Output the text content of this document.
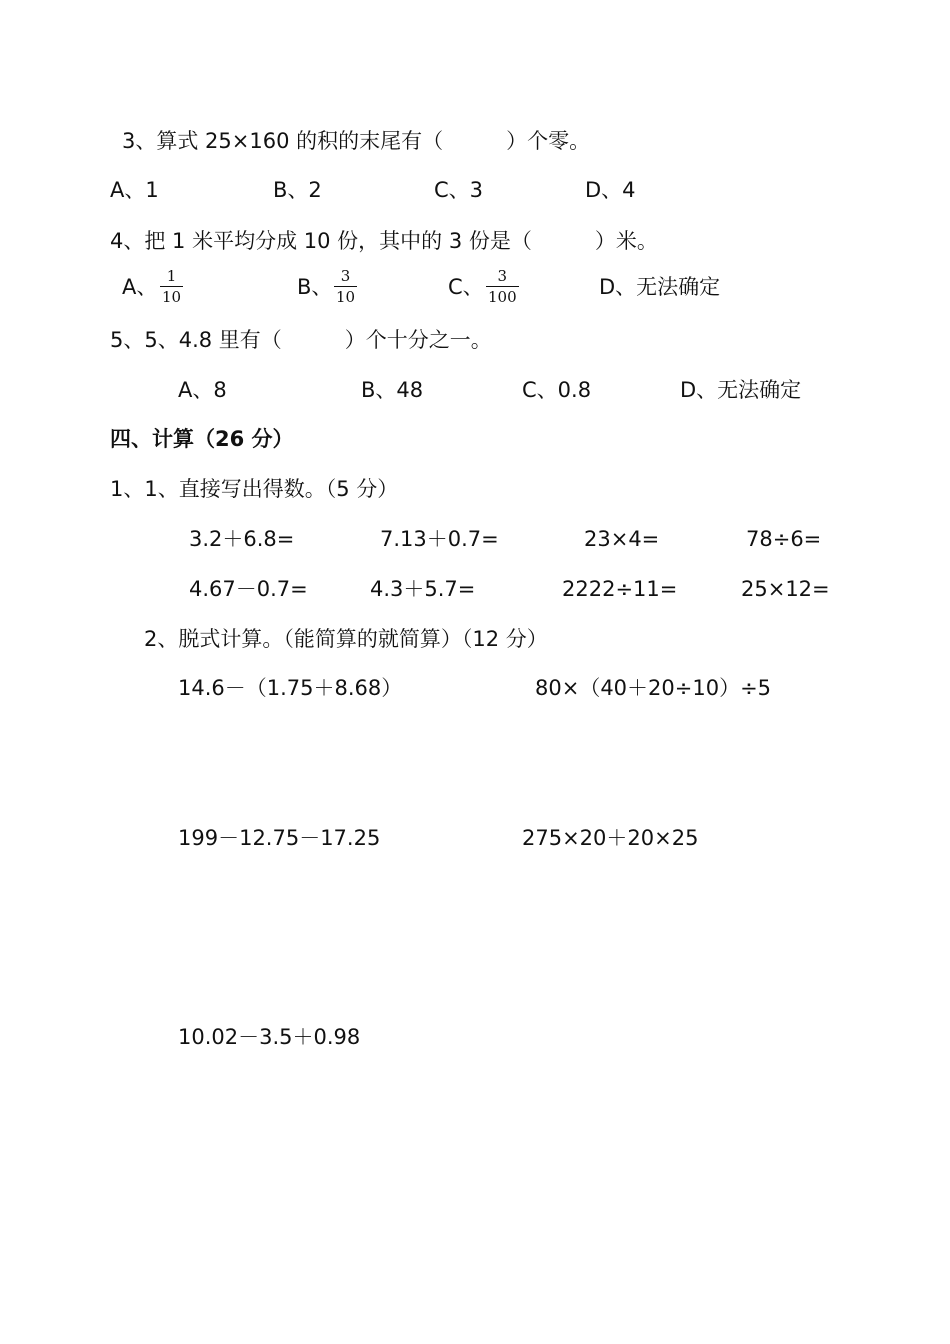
3、算式 25×160 的积的末尾有（　　　）个零。
A、1	B、2	C、3	D、4
4、把 1 米平均分成 10 份，其中的 3 份是（　　　）米。
A、 1
10	B、 3
10	C、 3
100	D、无法确定
5、5、4.8 里有（　　　）个十分之一。
A、8	B、48	C、0.8	D、无法确定
四、计算（26 分）
1、1、直接写出得数。（5 分）
3.2＋6.8=	7.13＋0.7=	23×4=	78÷6=
4.67－0.7=	4.3＋5.7=	2222÷11=	25×12=
2、脱式计算。（能简算的就简算）（12 分）
14.6－（1.75＋8.68）	80×（40＋20÷10）÷5
199－12.75－17.25	275×20＋20×25
10.02－3.5＋0.98
